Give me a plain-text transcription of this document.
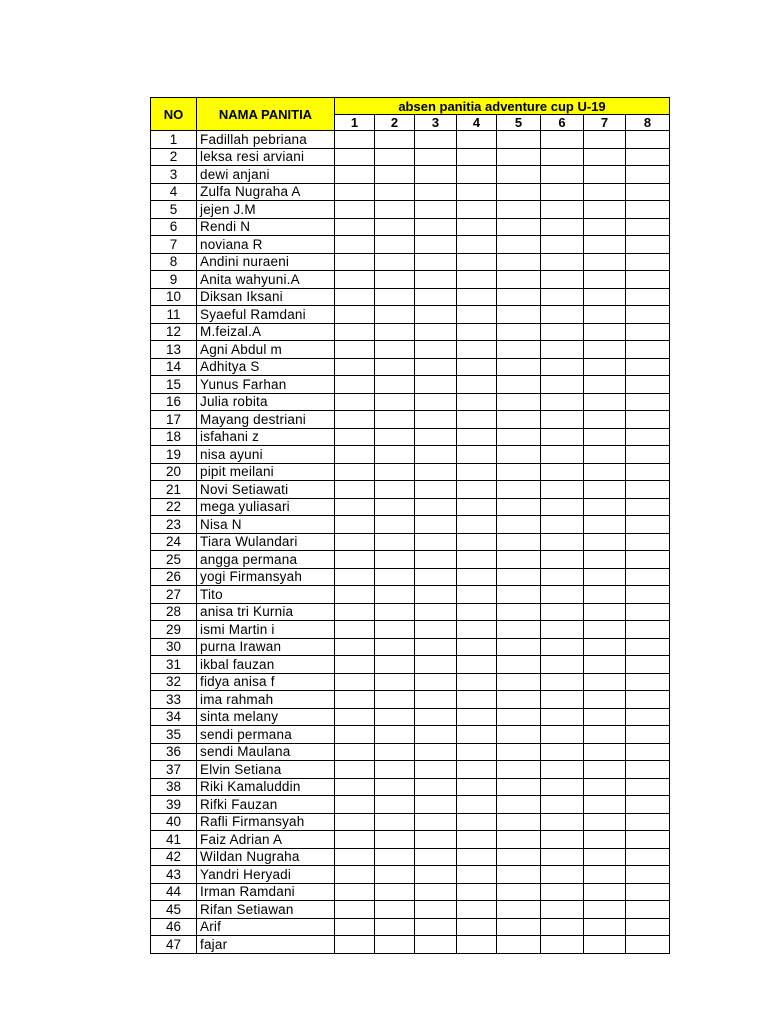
NO	NAMA PANITIA	absen panitia adventure cup U-19							
		1	2	3	4	5	6	7	8
1	Fadillah pebriana								
2	leksa resi arviani								
3	dewi anjani								
4	Zulfa Nugraha A								
5	jejen J.M								
6	Rendi N								
7	noviana R								
8	Andini nuraeni								
9	Anita wahyuni.A								
10	Diksan Iksani								
11	Syaeful Ramdani								
12	M.feizal.A								
13	Agni Abdul m								
14	Adhitya S								
15	Yunus Farhan								
16	Julia robita								
17	Mayang destriani								
18	isfahani z								
19	nisa ayuni								
20	pipit meilani								
21	Novi Setiawati								
22	mega yuliasari								
23	Nisa N								
24	Tiara Wulandari								
25	angga permana								
26	yogi Firmansyah								
27	Tito								
28	anisa tri Kurnia								
29	ismi Martin i								
30	purna Irawan								
31	ikbal fauzan								
32	fidya anisa f								
33	ima rahmah								
34	sinta melany								
35	sendi permana								
36	sendi Maulana								
37	Elvin Setiana								
38	Riki Kamaluddin								
39	Rifki Fauzan								
40	Rafli Firmansyah								
41	Faiz Adrian A								
42	Wildan Nugraha								
43	Yandri Heryadi								
44	Irman Ramdani								
45	Rifan Setiawan								
46	Arif								
47	fajar								
